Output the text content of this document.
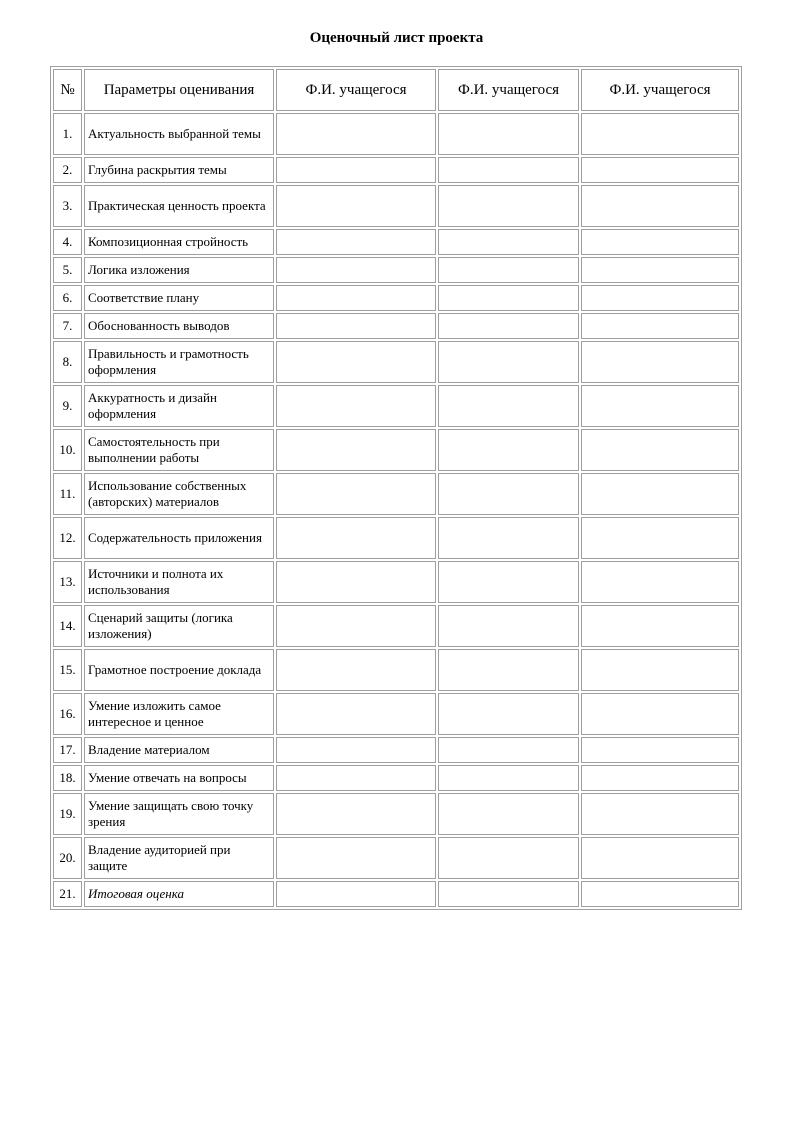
Оценочный лист проекта
№	Параметры оценивания	Ф.И. учащегося	Ф.И. учащегося	Ф.И. учащегося
1.	Актуальность выбранной темы			
2.	Глубина раскрытия темы			
3.	Практическая ценность проекта			
4.	Композиционная стройность			
5.	Логика изложения			
6.	Соответствие плану			
7.	Обоснованность выводов			
8.	Правильность и грамотность оформления			
9.	Аккуратность и дизайн оформления			
10.	Самостоятельность при выполнении работы			
11.	Использование собственных (авторских) материалов			
12.	Содержательность приложения			
13.	Источники и полнота их использования			
14.	Сценарий защиты (логика изложения)			
15.	Грамотное построение доклада			
16.	Умение изложить самое интересное и ценное			
17.	Владение материалом			
18.	Умение отвечать на вопросы			
19.	Умение защищать свою точку зрения			
20.	Владение аудиторией при защите			
21.	Итоговая оценка			
